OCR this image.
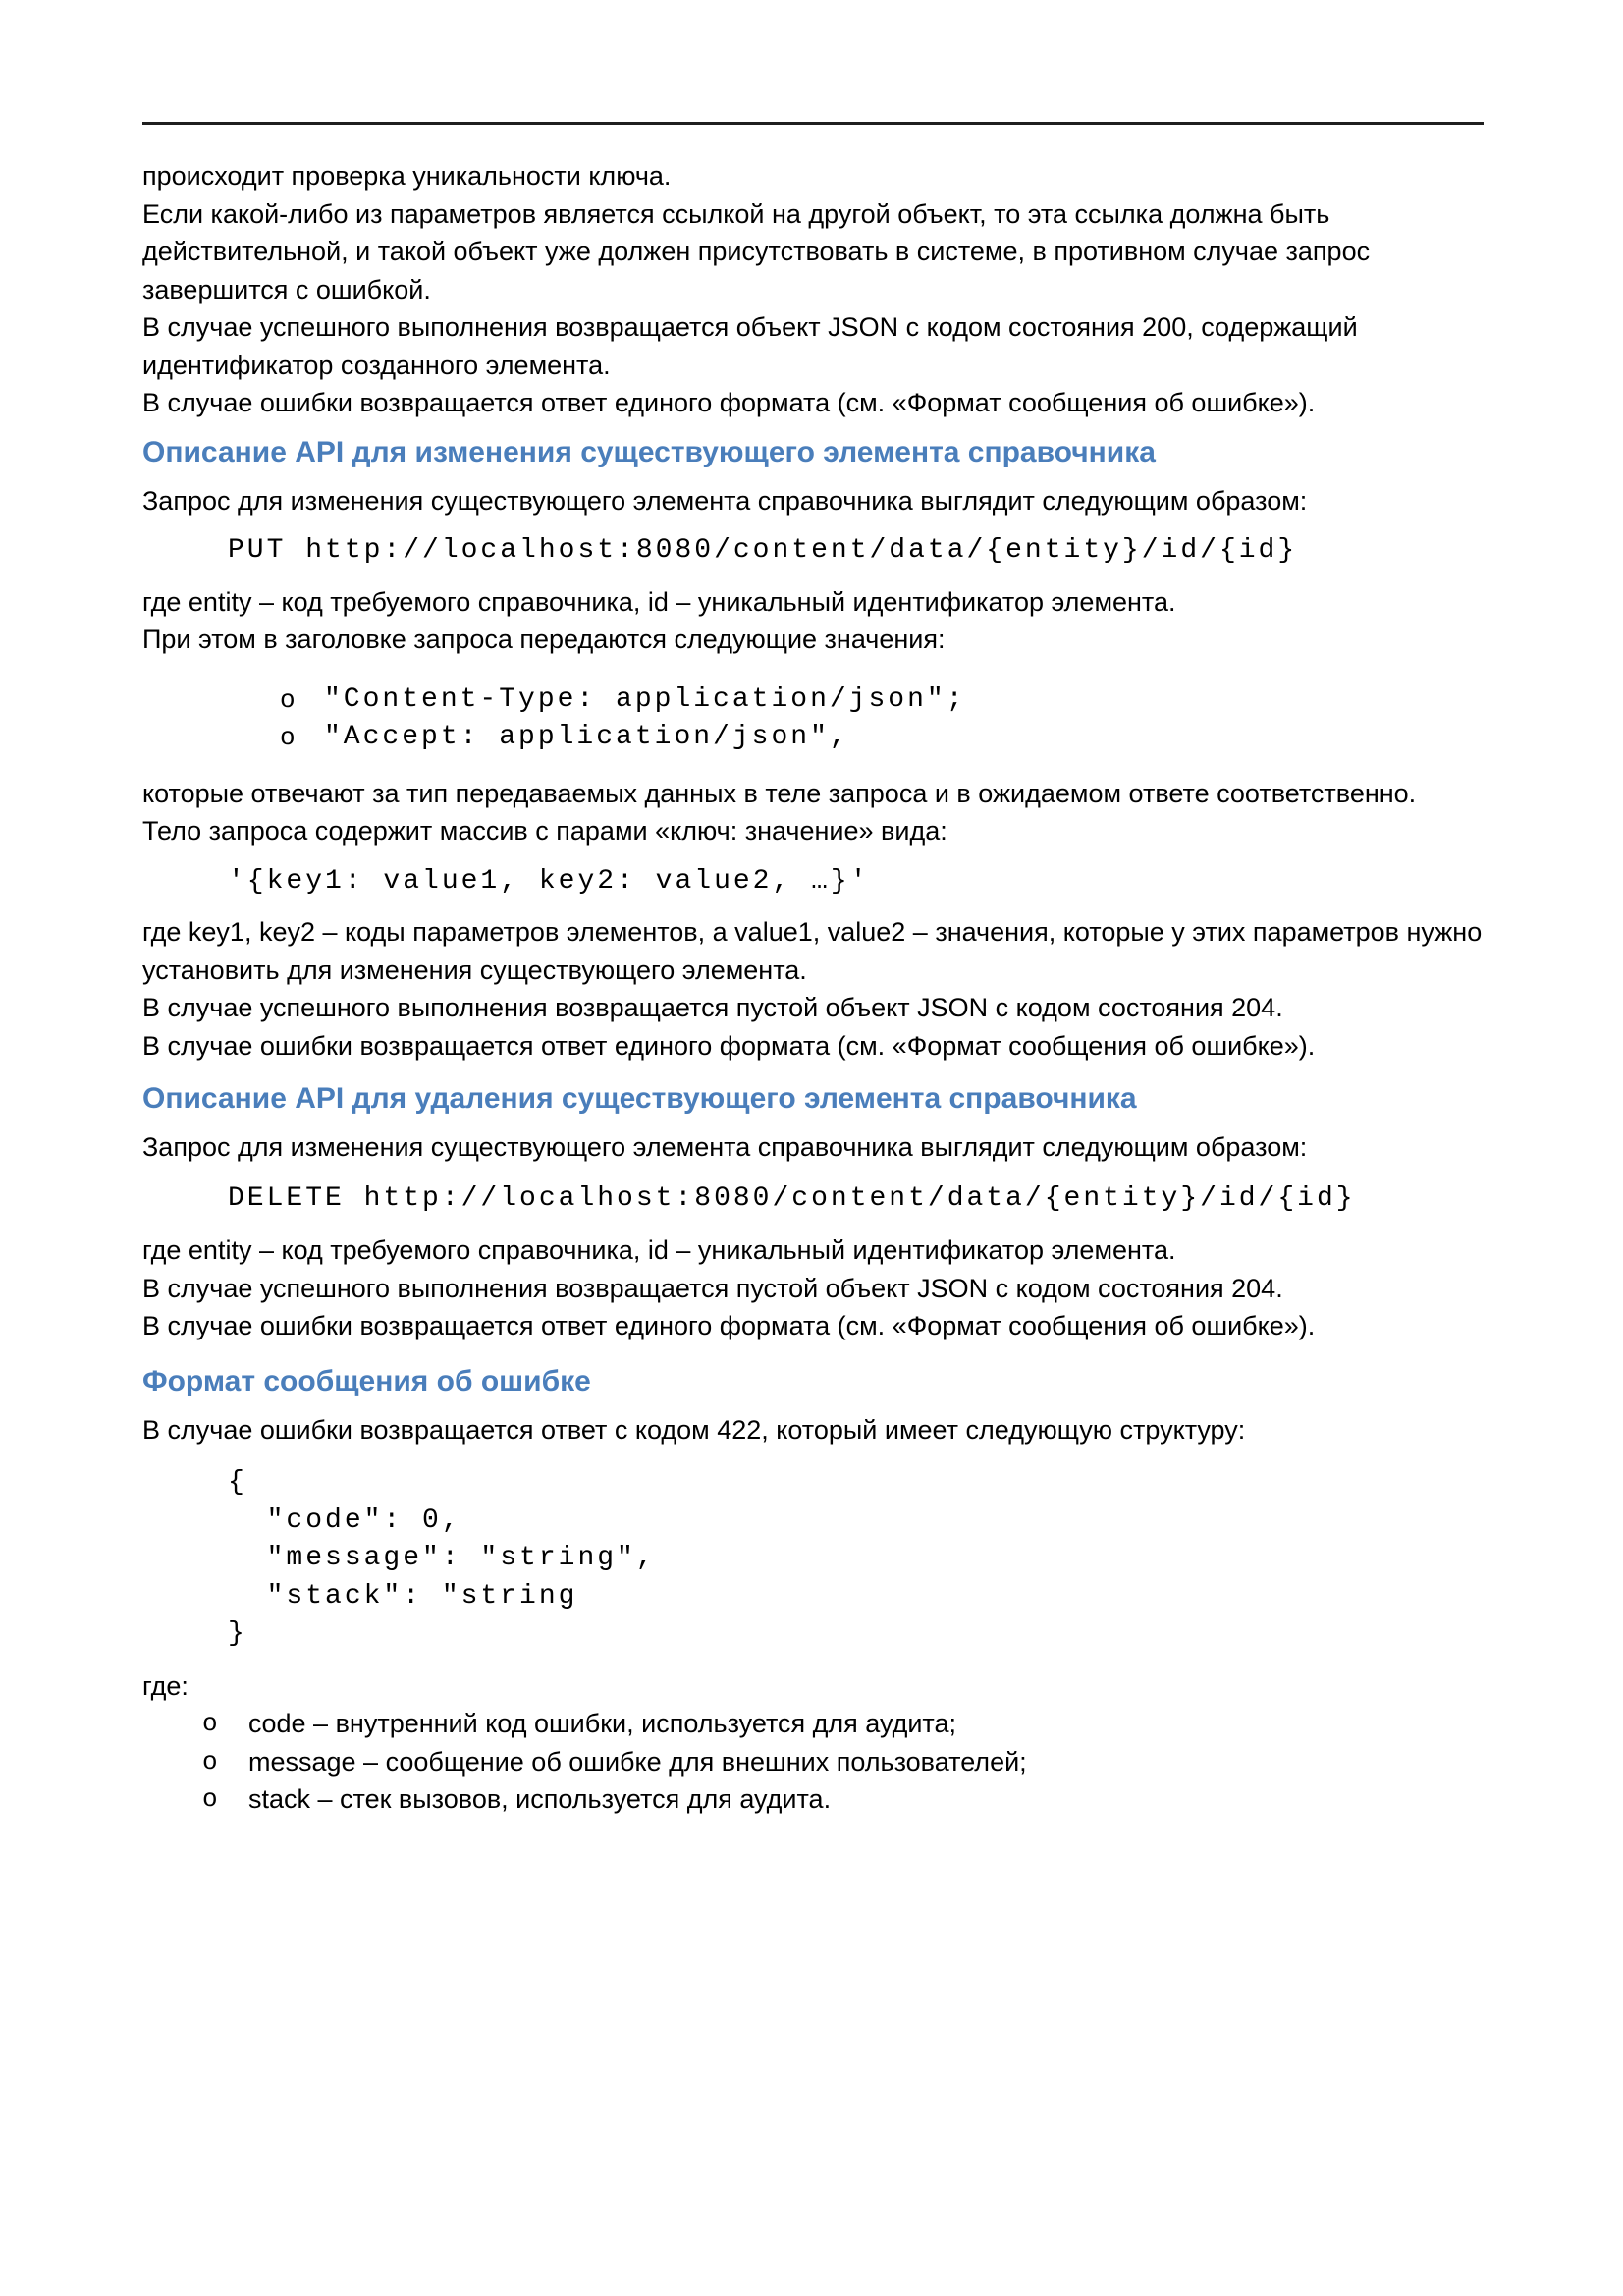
происходит проверка уникальности ключа.

Если какой-либо из параметров является ссылкой на другой объект, то эта ссылка должна быть действительной, и такой объект уже должен присутствовать в системе, в противном случае запрос завершится с ошибкой.

В случае успешного выполнения возвращается объект JSON с кодом состояния 200, содержащий идентификатор созданного элемента.

В случае ошибки возвращается ответ единого формата (см. «Формат сообщения об ошибке»).

Описание API для изменения существующего элемента справочника

Запрос для изменения существующего элемента справочника выглядит следующим образом:

PUT http://localhost:8080/content/data/{entity}/id/{id}

где entity – код требуемого справочника, id – уникальный идентификатор элемента.

При этом в заголовке запроса передаются следующие значения:

o	"Content-Type: application/json";
o	"Accept: application/json",

которые отвечают за тип передаваемых данных в теле запроса и в ожидаемом ответе соответственно.

Тело запроса содержит массив с парами «ключ: значение» вида:

'{key1: value1, key2: value2, …}'

где key1, key2 – коды параметров элементов, а value1, value2 – значения, которые у этих параметров нужно установить для изменения существующего элемента.

В случае успешного выполнения возвращается пустой объект JSON с кодом состояния 204.

В случае ошибки возвращается ответ единого формата (см. «Формат сообщения об ошибке»).

Описание API для удаления существующего элемента справочника

Запрос для изменения существующего элемента справочника выглядит следующим образом:

DELETE http://localhost:8080/content/data/{entity}/id/{id}

где entity – код требуемого справочника, id – уникальный идентификатор элемента.

В случае успешного выполнения возвращается пустой объект JSON с кодом состояния 204.

В случае ошибки возвращается ответ единого формата (см. «Формат сообщения об ошибке»).

Формат сообщения об ошибке

В случае ошибки возвращается ответ с кодом 422, который имеет следующую структуру:

{
"code": 0,
"message": "string",
"stack": "string
}

где:

o	code – внутренний код ошибки, используется для аудита;
o	message – сообщение об ошибке для внешних пользователей;
o	stack – стек вызовов, используется для аудита.
